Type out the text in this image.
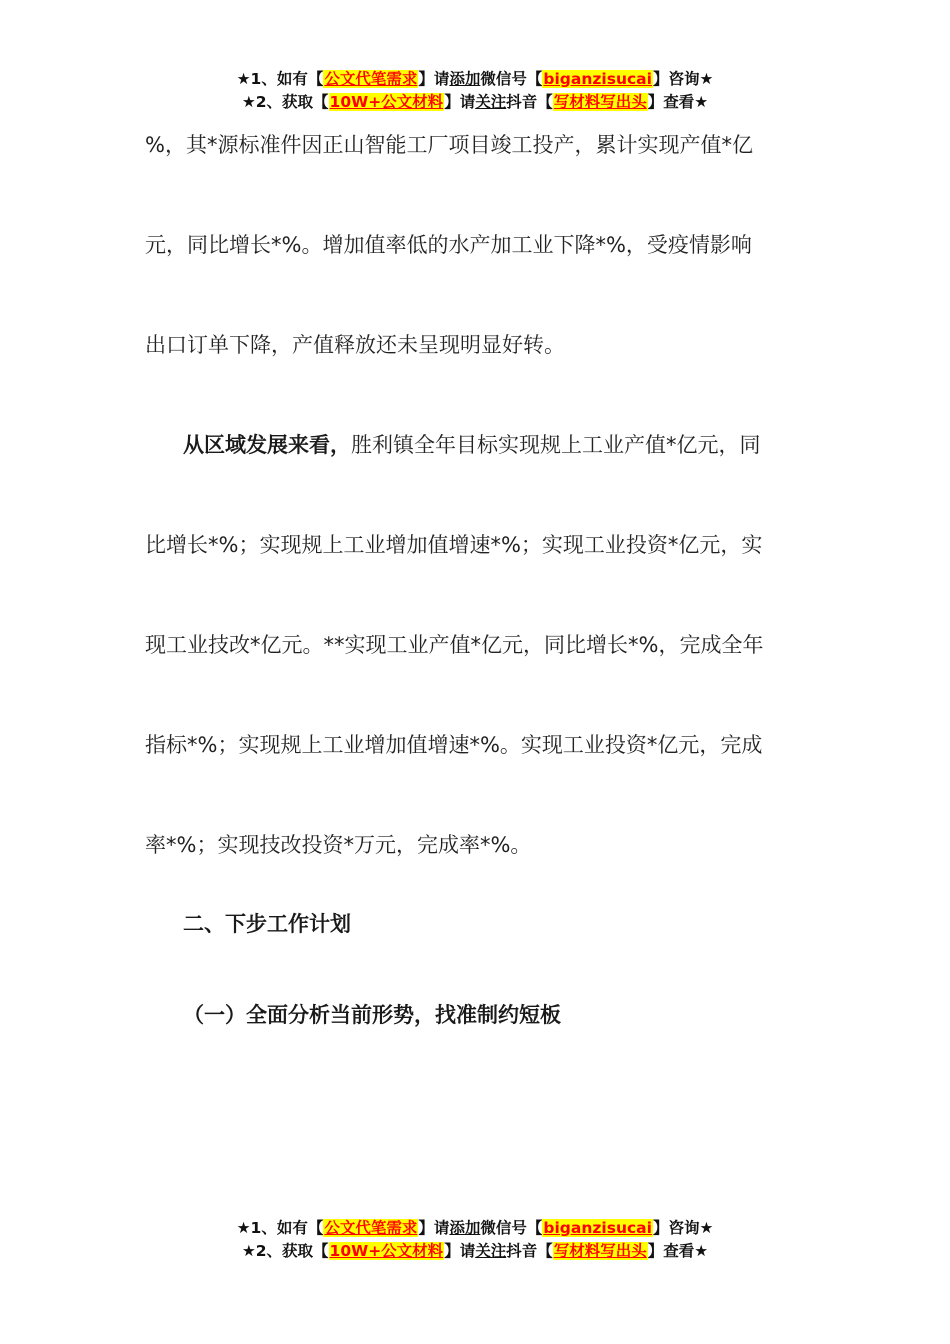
★1、如有【公文代笔需求】请添加微信号【biganzisucai】咨询★
★2、获取【10W+公文材料】请关注抖音【写材料写出头】查看★
%，其*源标准件因正山智能工厂项目竣工投产，累计实现产值*亿
元，同比增长*%。增加值率低的水产加工业下降*%，受疫情影响
出口订单下降，产值释放还未呈现明显好转。
从区域发展来看，胜利镇全年目标实现规上工业产值*亿元，同
比增长*%；实现规上工业增加值增速*%；实现工业投资*亿元，实
现工业技改*亿元。**实现工业产值*亿元，同比增长*%，完成全年
指标*%；实现规上工业增加值增速*%。实现工业投资*亿元，完成
率*%；实现技改投资*万元，完成率*%。
二、下步工作计划
（一）全面分析当前形势，找准制约短板
★1、如有【公文代笔需求】请添加微信号【biganzisucai】咨询★
★2、获取【10W+公文材料】请关注抖音【写材料写出头】查看★
